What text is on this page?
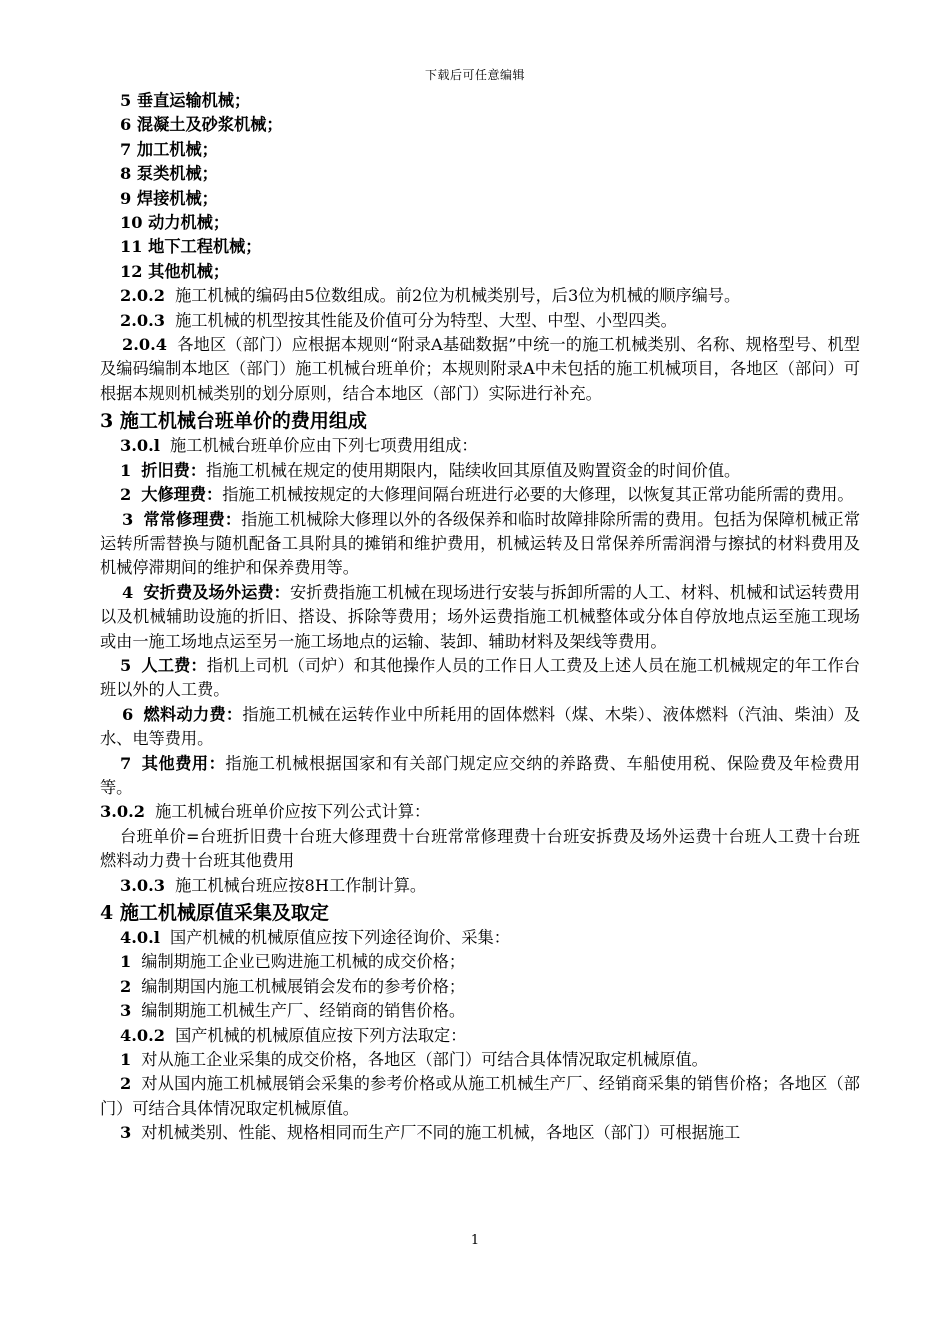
下载后可任意编辑

5 垂直运输机械；

6 混凝土及砂浆机械；

7 加工机械；

8 泵类机械；

9 焊接机械；

10 动力机械；

11 地下工程机械；

12 其他机械；

2.0.2 施工机械的编码由5位数组成。前2位为机械类别号，后3位为机械的顺序编号。

2.0.3 施工机械的机型按其性能及价值可分为特型、大型、中型、小型四类。

2.0.4 各地区（部门）应根据本规则“附录A基础数据”中统一的施工机械类别、名称、规格型号、机型及编码编制本地区（部门）施工机械台班单价；本规则附录A中未包括的施工机械项目，各地区（部问）可根据本规则机械类别的划分原则，结合本地区（部门）实际进行补充。

3 施工机械台班单价的费用组成

3.0.l 施工机械台班单价应由下列七项费用组成：

1 折旧费：指施工机械在规定的使用期限内，陆续收回其原值及购置资金的时间价值。

2 大修理费：指施工机械按规定的大修理间隔台班进行必要的大修理，以恢复其正常功能所需的费用。

3 常常修理费：指施工机械除大修理以外的各级保养和临时故障排除所需的费用。包括为保障机械正常运转所需替换与随机配备工具附具的摊销和维护费用，机械运转及日常保养所需润滑与擦拭的材料费用及机械停滞期间的维护和保养费用等。

4 安折费及场外运费：安折费指施工机械在现场进行安装与拆卸所需的人工、材料、机械和试运转费用以及机械辅助设施的折旧、搭设、拆除等费用；场外运费指施工机械整体或分体自停放地点运至施工现场或由一施工场地点运至另一施工场地点的运输、装卸、辅助材料及架线等费用。

5 人工费：指机上司机（司炉）和其他操作人员的工作日人工费及上述人员在施工机械规定的年工作台班以外的人工费。

6 燃料动力费：指施工机械在运转作业中所耗用的固体燃料（煤、木柴）、液体燃料（汽油、柴油）及水、电等费用。

7 其他费用：指施工机械根据国家和有关部门规定应交纳的养路费、车船使用税、保险费及年检费用等。

3.0.2 施工机械台班单价应按下列公式计算：

台班单价=台班折旧费十台班大修理费十台班常常修理费十台班安拆费及场外运费十台班人工费十台班燃料动力费十台班其他费用

3.0.3 施工机械台班应按8H工作制计算。

4 施工机械原值采集及取定

4.0.l 国产机械的机械原值应按下列途径询价、采集：

1 编制期施工企业已购进施工机械的成交价格；

2 编制期国内施工机械展销会发布的参考价格；

3 编制期施工机械生产厂、经销商的销售价格。

4.0.2 国产机械的机械原值应按下列方法取定：

1 对从施工企业采集的成交价格，各地区（部门）可结合具体情况取定机械原值。

2 对从国内施工机械展销会采集的参考价格或从施工机械生产厂、经销商采集的销售价格；各地区（部门）可结合具体情况取定机械原值。

3 对机械类别、性能、规格相同而生产厂不同的施工机械，各地区（部门）可根据施工

1
